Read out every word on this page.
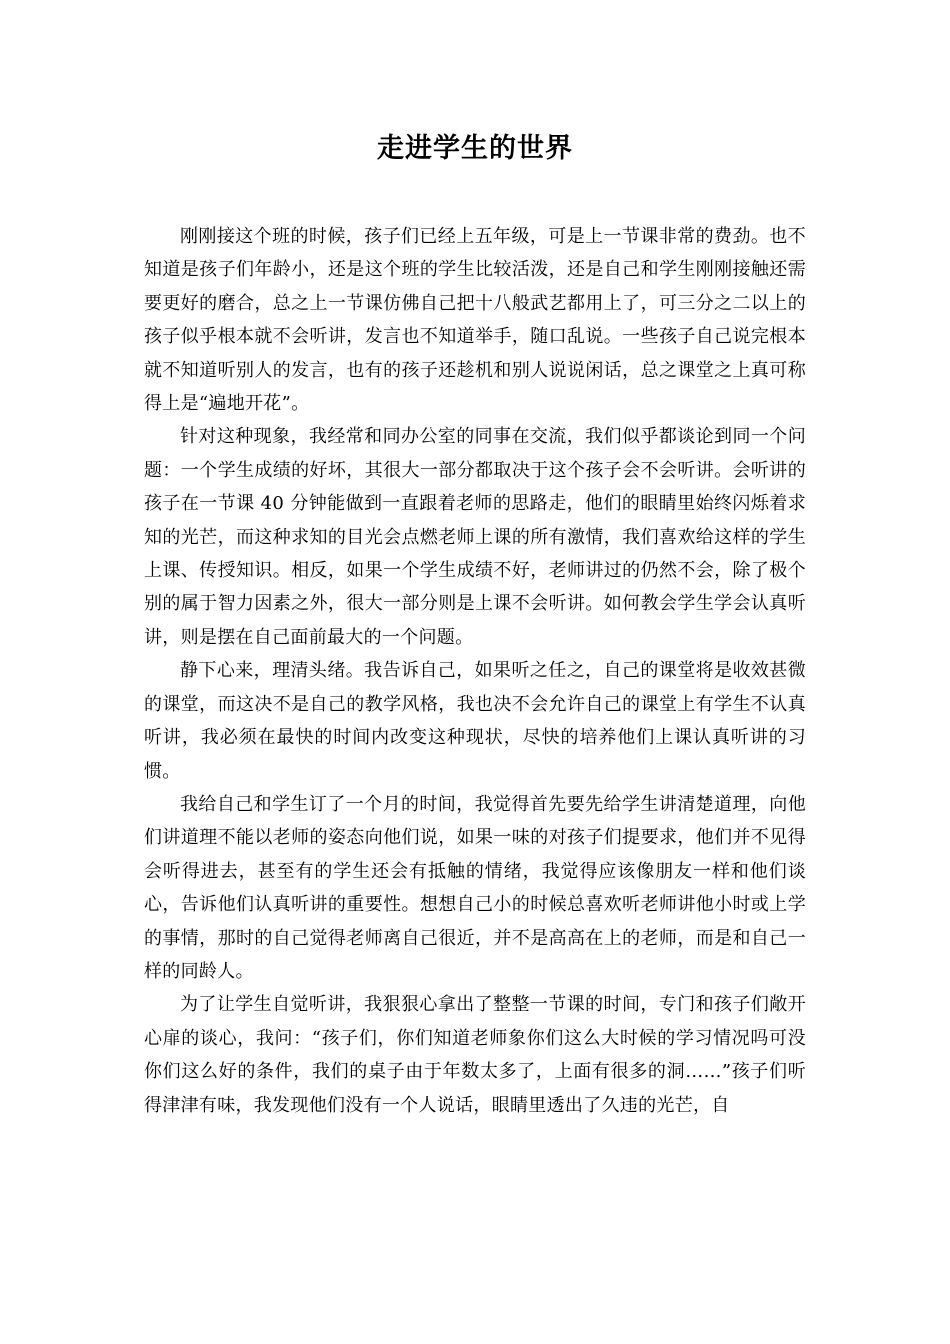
走进学生的世界

刚刚接这个班的时候，孩子们已经上五年级，可是上一节课非常的费劲。也不知道是孩子们年龄小，还是这个班的学生比较活泼，还是自己和学生刚刚接触还需要更好的磨合，总之上一节课仿佛自己把十八般武艺都用上了，可三分之二以上的孩子似乎根本就不会听讲，发言也不知道举手，随口乱说。一些孩子自己说完根本就不知道听别人的发言，也有的孩子还趁机和别人说说闲话，总之课堂之上真可称得上是“遍地开花”。

针对这种现象，我经常和同办公室的同事在交流，我们似乎都谈论到同一个问题：一个学生成绩的好坏，其很大一部分都取决于这个孩子会不会听讲。会听讲的孩子在一节课 40 分钟能做到一直跟着老师的思路走，他们的眼睛里始终闪烁着求知的光芒，而这种求知的目光会点燃老师上课的所有激情，我们喜欢给这样的学生上课、传授知识。相反，如果一个学生成绩不好，老师讲过的仍然不会，除了极个别的属于智力因素之外，很大一部分则是上课不会听讲。如何教会学生学会认真听讲，则是摆在自己面前最大的一个问题。

静下心来，理清头绪。我告诉自己，如果听之任之，自己的课堂将是收效甚微的课堂，而这决不是自己的教学风格，我也决不会允许自己的课堂上有学生不认真听讲，我必须在最快的时间内改变这种现状，尽快的培养他们上课认真听讲的习惯。

我给自己和学生订了一个月的时间，我觉得首先要先给学生讲清楚道理，向他们讲道理不能以老师的姿态向他们说，如果一味的对孩子们提要求，他们并不见得会听得进去，甚至有的学生还会有抵触的情绪，我觉得应该像朋友一样和他们谈心，告诉他们认真听讲的重要性。想想自己小的时候总喜欢听老师讲他小时或上学的事情，那时的自己觉得老师离自己很近，并不是高高在上的老师，而是和自己一样的同龄人。

为了让学生自觉听讲，我狠狠心拿出了整整一节课的时间，专门和孩子们敞开心扉的谈心，我问：“孩子们，你们知道老师象你们这么大时候的学习情况吗可没你们这么好的条件，我们的桌子由于年数太多了，上面有很多的洞……”孩子们听得津津有味，我发现他们没有一个人说话，眼睛里透出了久违的光芒，自
